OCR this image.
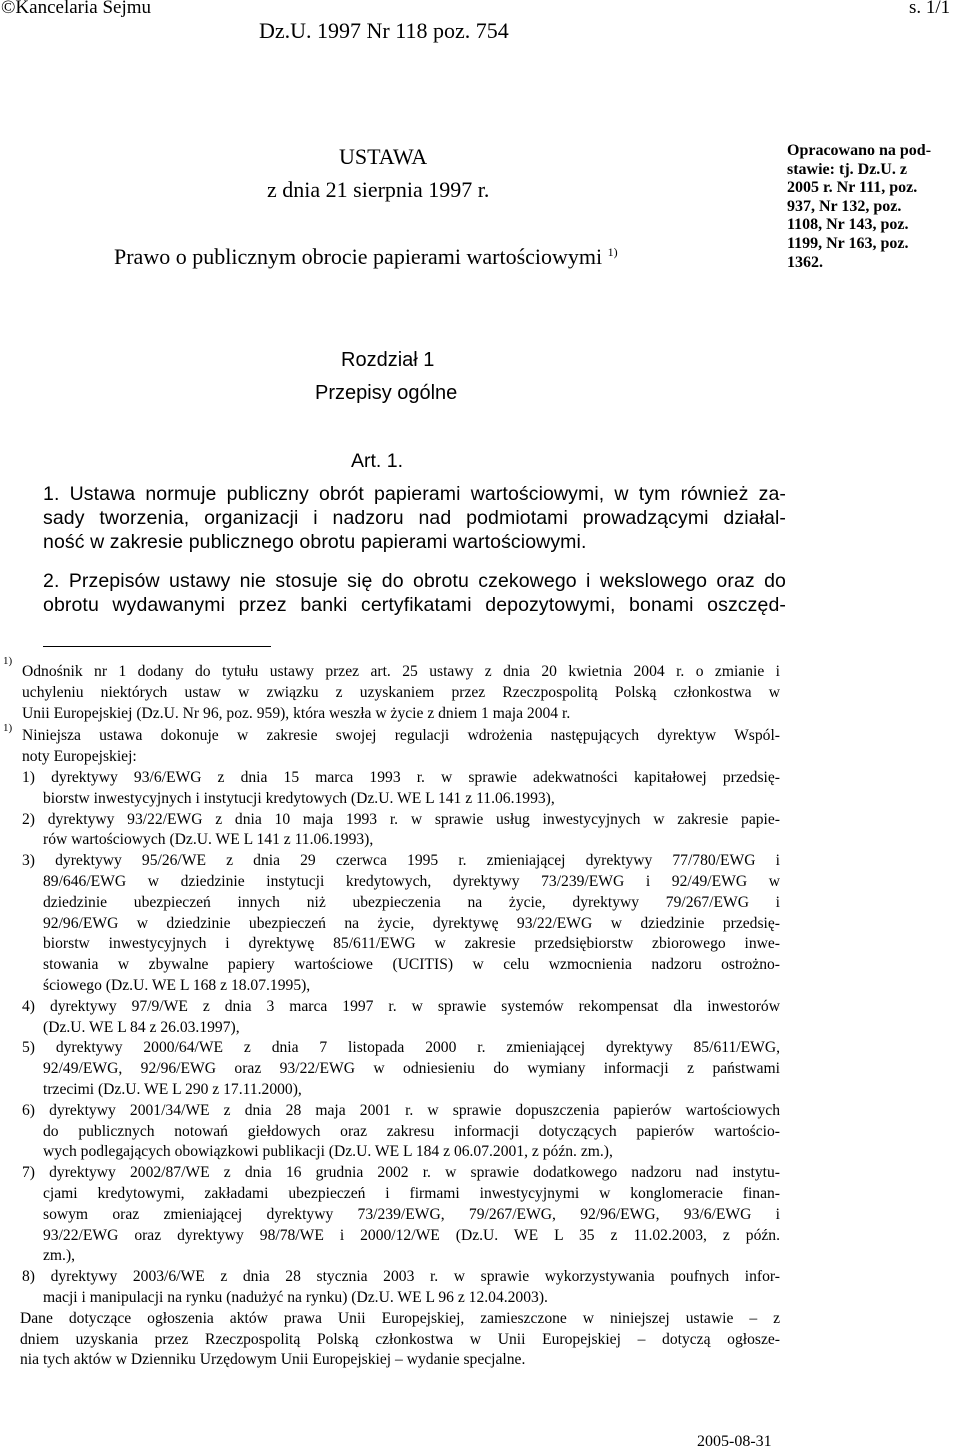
©Kancelaria Sejmu	s. 1/1
Dz.U. 1997 Nr 118 poz. 754
USTAWA
z dnia 21 sierpnia 1997 r.
Prawo o publicznym obrocie papierami wartościowymi $^{1)}$
Opracowano na pod-
stawie: tj. Dz.U. z
2005 r. Nr 111, poz.
937, Nr 132, poz.
1108, Nr 143, poz.
1199, Nr 163, poz.
1362.
Rozdział 1
Przepisy ogólne
Art. 1.
1. Ustawa normuje publiczny obrót papierami wartościowymi, w tym również za-
sady tworzenia, organizacji i nadzoru nad podmiotami prowadzącymi działal-
ność w zakresie publicznego obrotu papierami wartościowymi.
2. Przepisów ustawy nie stosuje się do obrotu czekowego i wekslowego oraz do
obrotu wydawanymi przez banki certyfikatami depozytowymi, bonami oszczęd-
1)
Odnośnik nr 1 dodany do tytułu ustawy przez art. 25 ustawy z dnia 20 kwietnia 2004 r. o zmianie i
uchyleniu niektórych ustaw w związku z uzyskaniem przez Rzeczpospolitą Polską członkostwa w
Unii Europejskiej (Dz.U. Nr 96, poz. 959), która weszła w życie z dniem 1 maja 2004 r.
1) Niniejsza ustawa dokonuje w zakresie swojej regulacji wdrożenia następujących dyrektyw Wspól-
noty Europejskiej:
1) dyrektywy 93/6/EWG z dnia 15 marca 1993 r. w sprawie adekwatności kapitałowej przedsię-
biorstw inwestycyjnych i instytucji kredytowych (Dz.U. WE L 141 z 11.06.1993),
2) dyrektywy 93/22/EWG z dnia 10 maja 1993 r. w sprawie usług inwestycyjnych w zakresie papie-
rów wartościowych (Dz.U. WE L 141 z 11.06.1993),
3) dyrektywy 95/26/WE z dnia 29 czerwca 1995 r. zmieniającej dyrektywy 77/780/EWG i
89/646/EWG w dziedzinie instytucji kredytowych, dyrektywy 73/239/EWG i 92/49/EWG w
dziedzinie ubezpieczeń innych niż ubezpieczenia na życie, dyrektywy 79/267/EWG i
92/96/EWG w dziedzinie ubezpieczeń na życie, dyrektywę 93/22/EWG w dziedzinie przedsię-
biorstw inwestycyjnych i dyrektywę 85/611/EWG w zakresie przedsiębiorstw zbiorowego inwe-
stowania w zbywalne papiery wartościowe (UCITIS) w celu wzmocnienia nadzoru ostrożno-
ściowego (Dz.U. WE L 168 z 18.07.1995),
4) dyrektywy 97/9/WE z dnia 3 marca 1997 r. w sprawie systemów rekompensat dla inwestorów
(Dz.U. WE L 84 z 26.03.1997),
5) dyrektywy 2000/64/WE z dnia 7 listopada 2000 r. zmieniającej dyrektywy 85/611/EWG,
92/49/EWG, 92/96/EWG oraz 93/22/EWG w odniesieniu do wymiany informacji z państwami
trzecimi (Dz.U. WE L 290 z 17.11.2000),
6) dyrektywy 2001/34/WE z dnia 28 maja 2001 r. w sprawie dopuszczenia papierów wartościowych
do publicznych notowań giełdowych oraz zakresu informacji dotyczących papierów wartościo-
wych podlegających obowiązkowi publikacji (Dz.U. WE L 184 z 06.07.2001, z późn. zm.),
7) dyrektywy 2002/87/WE z dnia 16 grudnia 2002 r. w sprawie dodatkowego nadzoru nad instytu-
cjami kredytowymi, zakładami ubezpieczeń i firmami inwestycyjnymi w konglomeracie finan-
sowym oraz zmieniającej dyrektywy 73/239/EWG, 79/267/EWG, 92/96/EWG, 93/6/EWG i
93/22/EWG oraz dyrektywy 98/78/WE i 2000/12/WE (Dz.U. WE L 35 z 11.02.2003, z późn.
zm.),
8) dyrektywy 2003/6/WE z dnia 28 stycznia 2003 r. w sprawie wykorzystywania poufnych infor-
macji i manipulacji na rynku (nadużyć na rynku) (Dz.U. WE L 96 z 12.04.2003).
Dane dotyczące ogłoszenia aktów prawa Unii Europejskiej, zamieszczone w niniejszej ustawie – z
dniem uzyskania przez Rzeczpospolitą Polską członkostwa w Unii Europejskiej – dotyczą ogłosze-
nia tych aktów w Dzienniku Urzędowym Unii Europejskiej – wydanie specjalne.
2005-08-31
